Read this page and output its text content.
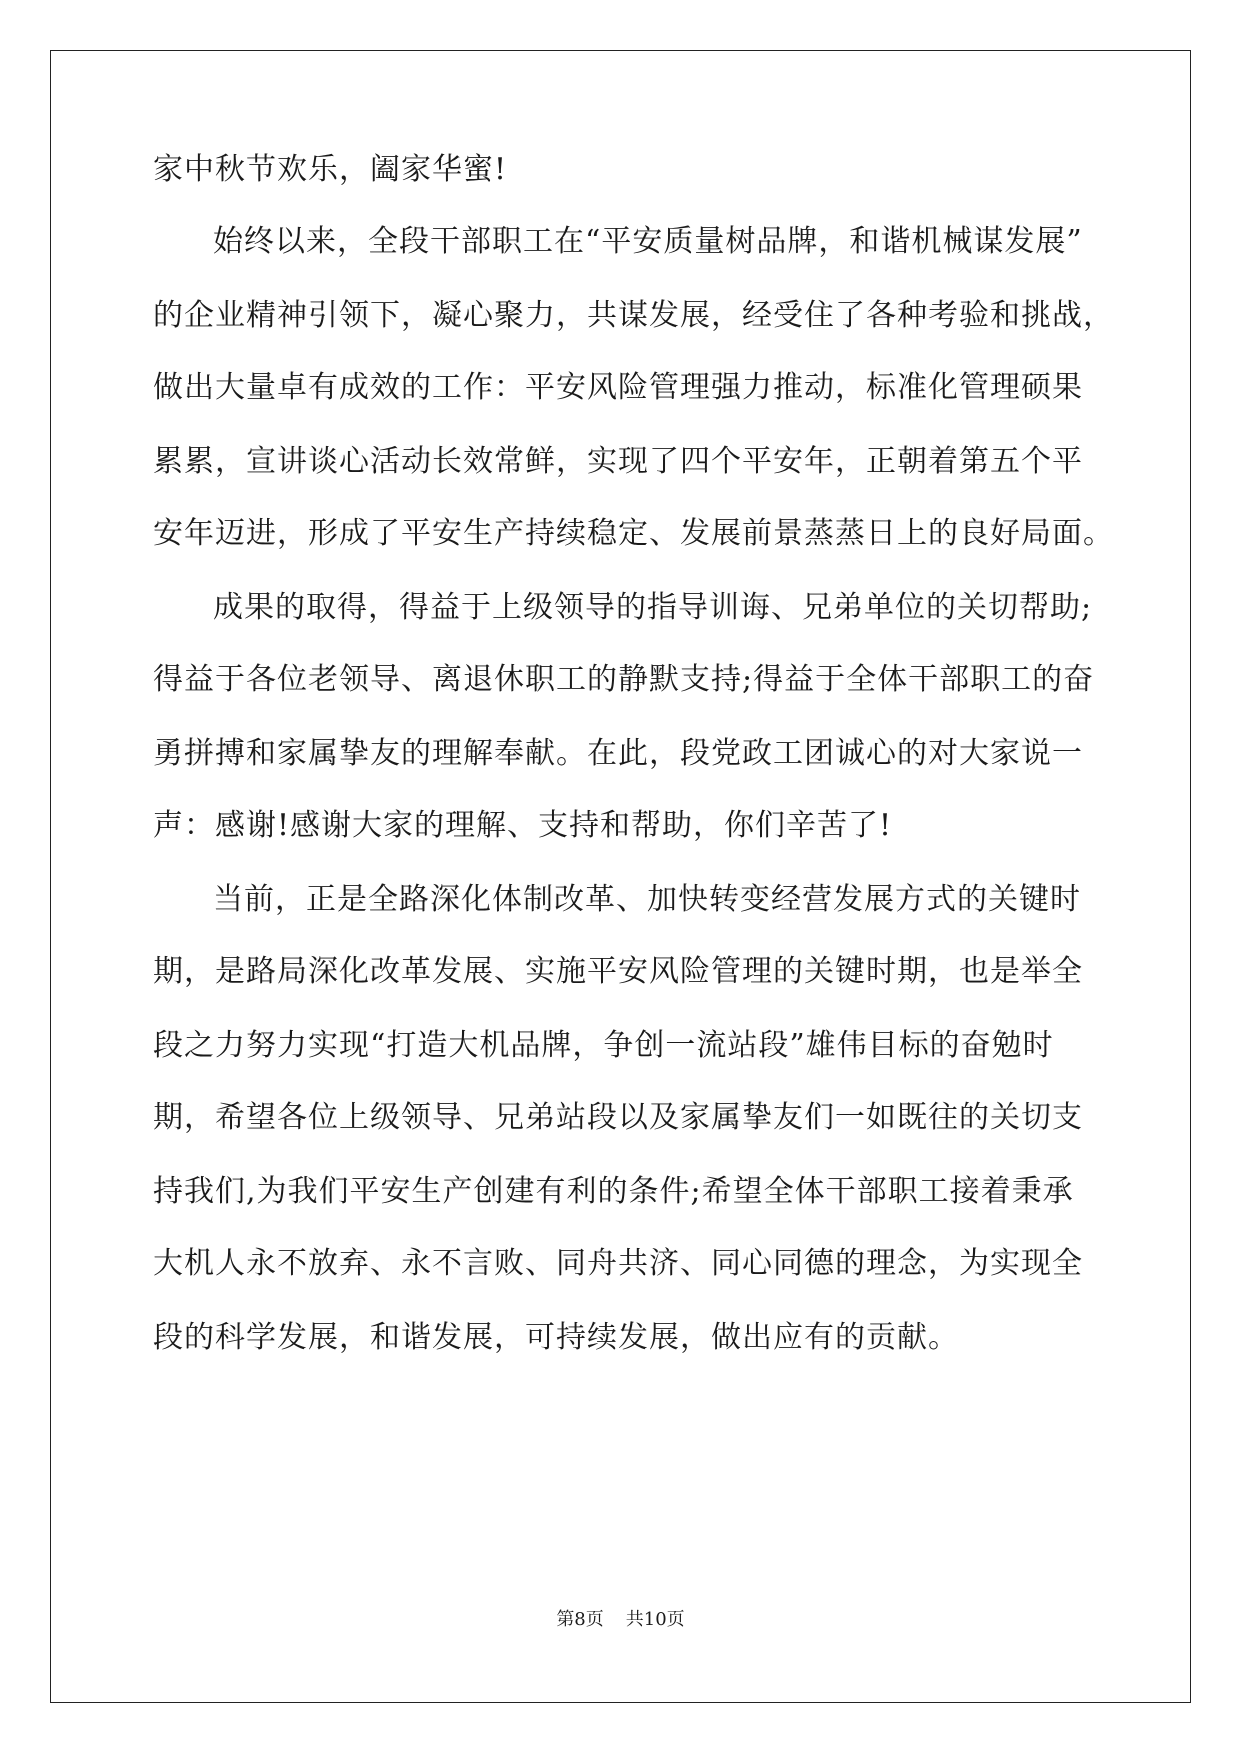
家中秋节欢乐，阖家华蜜!
始终以来，全段干部职工在“平安质量树品牌，和谐机械谋发展”
的企业精神引领下，凝心聚力，共谋发展，经受住了各种考验和挑战，
做出大量卓有成效的工作：平安风险管理强力推动，标准化管理硕果
累累，宣讲谈心活动长效常鲜，实现了四个平安年，正朝着第五个平
安年迈进，形成了平安生产持续稳定、发展前景蒸蒸日上的良好局面。
成果的取得，得益于上级领导的指导训诲、兄弟单位的关切帮助;
得益于各位老领导、离退休职工的静默支持;得益于全体干部职工的奋
勇拼搏和家属挚友的理解奉献。在此，段党政工团诚心的对大家说一
声：感谢!感谢大家的理解、支持和帮助，你们辛苦了!
当前，正是全路深化体制改革、加快转变经营发展方式的关键时
期，是路局深化改革发展、实施平安风险管理的关键时期，也是举全
段之力努力实现“打造大机品牌，争创一流站段”雄伟目标的奋勉时
期，希望各位上级领导、兄弟站段以及家属挚友们一如既往的关切支
持我们,为我们平安生产创建有利的条件;希望全体干部职工接着秉承
大机人永不放弃、永不言败、同舟共济、同心同德的理念，为实现全
段的科学发展，和谐发展，可持续发展，做出应有的贡献。
第8页 共10页
